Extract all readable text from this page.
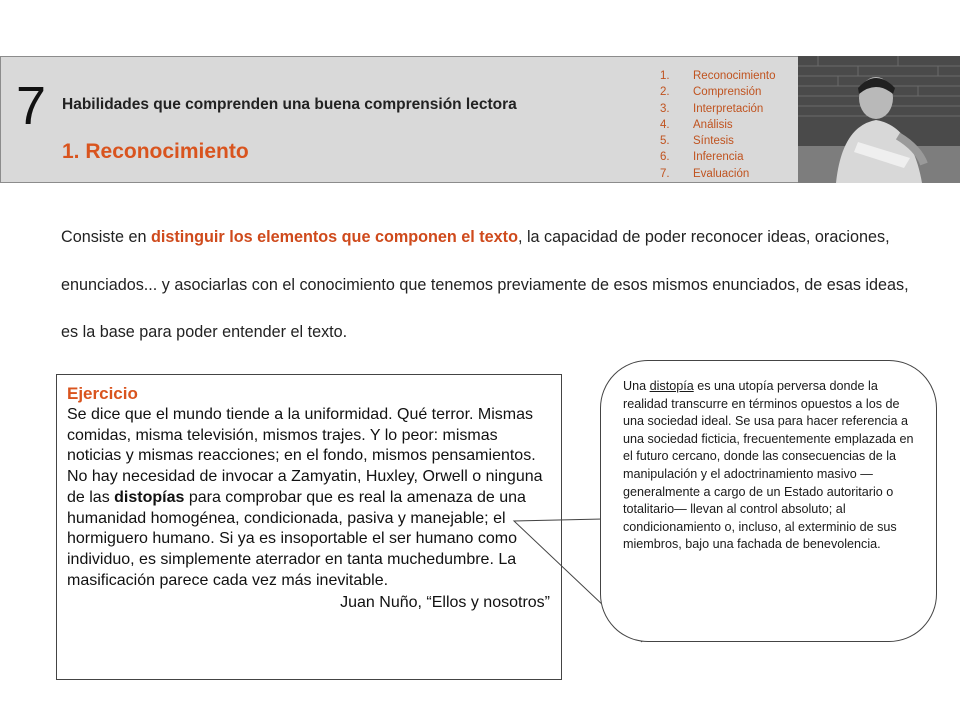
7 Habilidades que comprenden una buena comprensión lectora
1. Reconocimiento
1. Reconocimiento
2. Comprensión
3. Interpretación
4. Análisis
5. Síntesis
6. Inferencia
7. Evaluación

Consiste en distinguir los elementos que componen el texto, la capacidad de poder reconocer ideas, oraciones, enunciados... y asociarlas con el conocimiento que tenemos previamente de esos mismos enunciados, de esas ideas, es la base para poder entender el texto.

Ejercicio

Se dice que el mundo tiende a la uniformidad. Qué terror. Mismas comidas, misma televisión, mismos trajes. Y lo peor: mismas noticias y mismas reacciones; en el fondo, mismos pensamientos. No hay necesidad de invocar a Zamyatin, Huxley, Orwell o ninguna de las distopías para comprobar que es real la amenaza de una humanidad homogénea, condicionada, pasiva y manejable; el hormiguero humano. Si ya es insoportable el ser humano como individuo, es simplemente aterrador en tanta muchedumbre. La masificación parece cada vez más inevitable.

Juan Nuño, “Ellos y nosotros”

Una distopía es una utopía perversa donde la realidad transcurre en términos opuestos a los de una sociedad ideal. Se usa para hacer referencia a una sociedad ficticia, frecuentemente emplazada en el futuro cercano, donde las consecuencias de la manipulación y el adoctrinamiento masivo —generalmente a cargo de un Estado autoritario o totalitario— llevan al control absoluto; al condicionamiento o, incluso, al exterminio de sus miembros, bajo una fachada de benevolencia.
